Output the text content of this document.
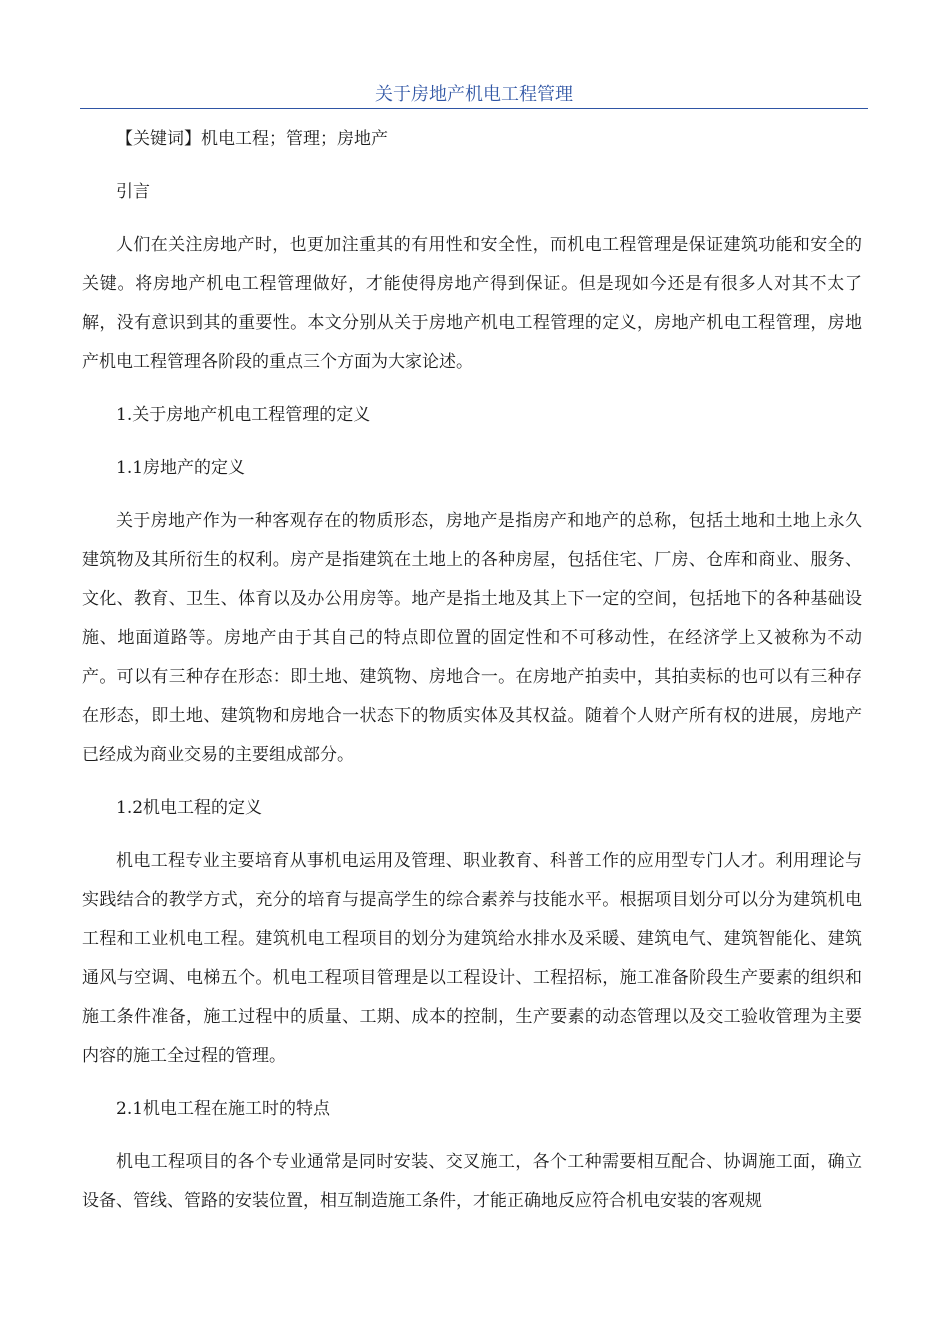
关于房地产机电工程管理

【关键词】机电工程；管理；房地产

引言

人们在关注房地产时，也更加注重其的有用性和安全性，而机电工程管理是保证建筑功能和安全的关键。将房地产机电工程管理做好，才能使得房地产得到保证。但是现如今还是有很多人对其不太了解，没有意识到其的重要性。本文分别从关于房地产机电工程管理的定义，房地产机电工程管理，房地产机电工程管理各阶段的重点三个方面为大家论述。

1.关于房地产机电工程管理的定义

1.1房地产的定义

关于房地产作为一种客观存在的物质形态，房地产是指房产和地产的总称，包括土地和土地上永久建筑物及其所衍生的权利。房产是指建筑在土地上的各种房屋，包括住宅、厂房、仓库和商业、服务、文化、教育、卫生、体育以及办公用房等。地产是指土地及其上下一定的空间，包括地下的各种基础设施、地面道路等。房地产由于其自己的特点即位置的固定性和不可移动性，在经济学上又被称为不动产。可以有三种存在形态：即土地、建筑物、房地合一。在房地产拍卖中，其拍卖标的也可以有三种存在形态，即土地、建筑物和房地合一状态下的物质实体及其权益。随着个人财产所有权的进展，房地产已经成为商业交易的主要组成部分。

1.2机电工程的定义

机电工程专业主要培育从事机电运用及管理、职业教育、科普工作的应用型专门人才。利用理论与实践结合的教学方式，充分的培育与提高学生的综合素养与技能水平。根据项目划分可以分为建筑机电工程和工业机电工程。建筑机电工程项目的划分为建筑给水排水及采暖、建筑电气、建筑智能化、建筑通风与空调、电梯五个。机电工程项目管理是以工程设计、工程招标，施工准备阶段生产要素的组织和施工条件准备，施工过程中的质量、工期、成本的控制，生产要素的动态管理以及交工验收管理为主要内容的施工全过程的管理。

2.1机电工程在施工时的特点

机电工程项目的各个专业通常是同时安装、交叉施工，各个工种需要相互配合、协调施工面，确立设备、管线、管路的安装位置，相互制造施工条件，才能正确地反应符合机电安装的客观规
